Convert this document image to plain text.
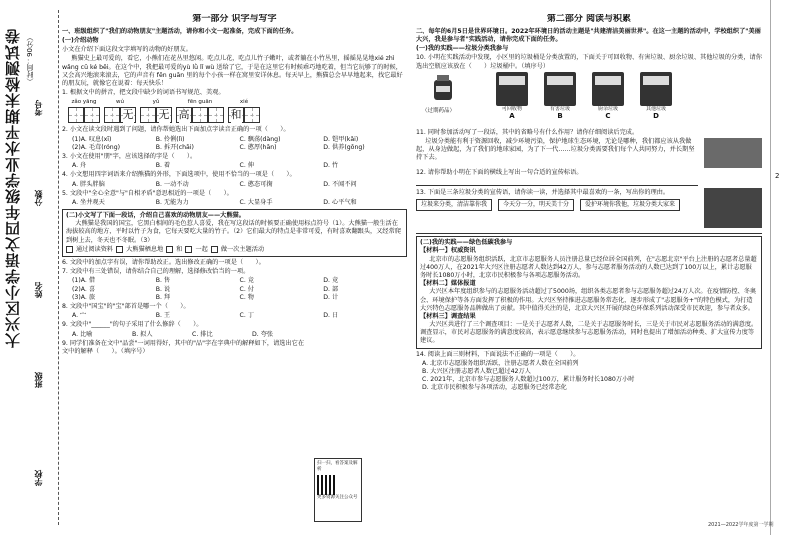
大兴区小学语文四年级学业水平期末检测试卷 （时间：90分）
学校
班级
姓名
分数
考号
第一部分 识字与写字
一、班级组织了"我们的动物朋友"主题活动，请你和小文一起准备，完成下面的任务。
(一)介绍动物
小文在介绍下面这段文字填写的动物的好朋友。
熊猫史上最可爱的，看它，小熊们在花丛里悠闲。吃点儿花，吃点儿竹子嫩叶，或者躺在小竹丛里，摇摇晃晃地xié zhì wǎng cū ké bēi。在这个中，我把最可爱的yù lǜ lǐ wù 送给了它，于是在这里它有时候乖巧地吃着，但当它玩够了的时候，又会高兴地滚来滚去，它的声音有 fēn guān 里的每个小孩一样在窝里安详休息。每天早上，熊猫总会早早地起来，找它最好的朋友玩，就像它在说着：每天快乐！
1. 根据文中的拼音，把文段中缺少的词语书写规范、美观。
zǎo yāng	wú
无
yǔ
无
fēn guān
高
xié
和
2. 小文在读文段时遇到了问题，请你帮她选出下面加点字读音正确的一项（　　）。
(1)A. 叹息(xī)	B. 伶俐(lì)	C. 飘荡(dàng)	D. 铠甲(kǎi)
(2)A. 毛茸(róng)	B. 拆开(chāi)	C. 憨厚(hān)	D. 供养(gōng)
3. 小文在使用"朋"字，应该选择的字是（　　）。
A. 舟	B. 着	C. 伸	D. 竹
4. 小文想用四字词语来介绍熊猫的外形，下面选项中，使用不恰当的一项是（　　）。
A. 胖头胖脑	B. 一动不动	C. 憨态可掬	D. 不闻不问
5. 文段中"全心全意"与"自相矛盾"意思相近的一项是（　　）。
A. 坐井观天	B. 无能为力	C. 大显身手	D. 心平气和
(二)小文写了下面一段话，介绍自己喜欢的动物朋友——大熊猫。
大熊猫是我国的国宝，它黑白相间的毛色惹人喜爱，我在写这段话的时候要正确使用标点符号（1）。大熊猫一般生活在海拔较高的地方，平时以竹子为食，它每天要吃大量的竹子。（2）它们最大的特点是非常可爱，有时喜欢翻跟头，又经常爬到树上去，冬天也不冬眠。（3）
通过阅读资料 大熊猫栖息地 和 一起 做一次主题活动
6. 文段中的加点字有误，请你帮助改正。选出修改正确的一项是（　　）。
7. 文段中有三处错误，请你结合自己的理解，选择修改恰当的一项。
(1)A. 借	B. 售	C. 竞	D. 竟
(2)A. 喜	B. 说	C. 付	D. 部
(3)A. 旅	B. 拜	C. 物	D. 计
8. 文段中"国宝"的"宝"部首是哪一个（　　）。
A. 宀	B. 王	C. 丁	D. 日
9. 文段中"______"的句子采用了什么修辞（　　）。
A. 比喻	B. 拟人	C. 排比	D. 夸张
9. 同学们准备在文中"品尝"一词用得好，其中的"品"字在字典中的解释如下，请选出它在文中的解释（　　）。（填序号）
扫一扫，看答案及解析
更多资源关注公众号
第二部分 阅读与积累
二、每年的6月5日是世界环境日。2022年环境日的活动主题是"共建清洁美丽世界"。在这一主题的活动中，学校组织了"美丽大兴，我是参与者"实践活动，请你完成下面的任务。
(一)我的实践——垃圾分类我参与
10. 小明在实践活动中发现，小区里的垃圾桶是分类放置的，下面关于可回收物、有害垃圾、厨余垃圾、其他垃圾的分类，请你选出空瓶应该放在（　　）垃圾桶中。（填序号）
（过期药品）	可回收物
A
有害垃圾
B
厨余垃圾
C
其他垃圾
D
11. 同时参加活动写了一段话，其中的省略号有什么作用？请你仔细阅读后完成。
垃圾分类能有利于资源回收，减少环境污染，保护地球生态环境，无论是哪种，我们都应该从我做起，从身边做起，为了我们的地球家园，为了下一代……垃圾分类需要我们每个人共同努力，并长期坚持下去。
12. 请你帮助小明在下面的横线上写出一句合适的宣传标语。
13. 下面是三条垃圾分类的宣传语，请你读一读，并选择其中最喜欢的一条，写出你的理由。
垃圾来分类，清洁靠你我	今天分一分，明天美十分	爱护环境你我他，垃圾分类大家来
(二)我的实践——绿色低碳我参与
【材料一】权威资讯
北京市的志愿服务组织活跃，北京市志愿服务人员注册总量已经位居全国前列，在"志愿北京"平台上注册的志愿者总量超过400万人，在2021年大兴区注册志愿者人数达到42万人，参与志愿者服务活动的人数已达到了100万以上，累计志愿服务时长1080万小时，北京市民积极参与各项志愿服务活动。
【材料二】媒体报道
大兴区本年度组织参与的志愿服务活动超过了5000场，组织各类志愿者参与志愿服务超过24万人次。在疫情防控、冬奥会、环境保护等各方面发挥了积极的作用。大兴区坚持推进志愿服务常态化，逐步形成了"志愿服务+"的特色模式，为打造大兴特色志愿服务品牌做出了贡献。其中值得关注的是，北京大兴区开展的绿色环保系列活动深受市民欢迎，参与者众多。
【材料三】调查结果
大兴区共进行了三个调查项目：一是关于志愿者人数，二是关于志愿服务时长，三是关于市民对志愿服务活动的满意度。调查显示，市民对志愿服务的满意度较高，表示愿意继续参与志愿服务活动，同时也提出了增加活动种类、扩大宣传力度等建议。
14. 阅读上面三则材料，下面说法不正确的一项是（　　）。
A. 北京市志愿服务组织活跃，注册志愿者人数在全国前列
B. 大兴区注册志愿者人数已超过42万人
C. 2021年，北京市参与志愿服务人数超过100万，累计服务时长1080万小时
D. 北京市民积极参与各项活动，志愿服务已经常态化
2
2021—2022学年度第一学期
